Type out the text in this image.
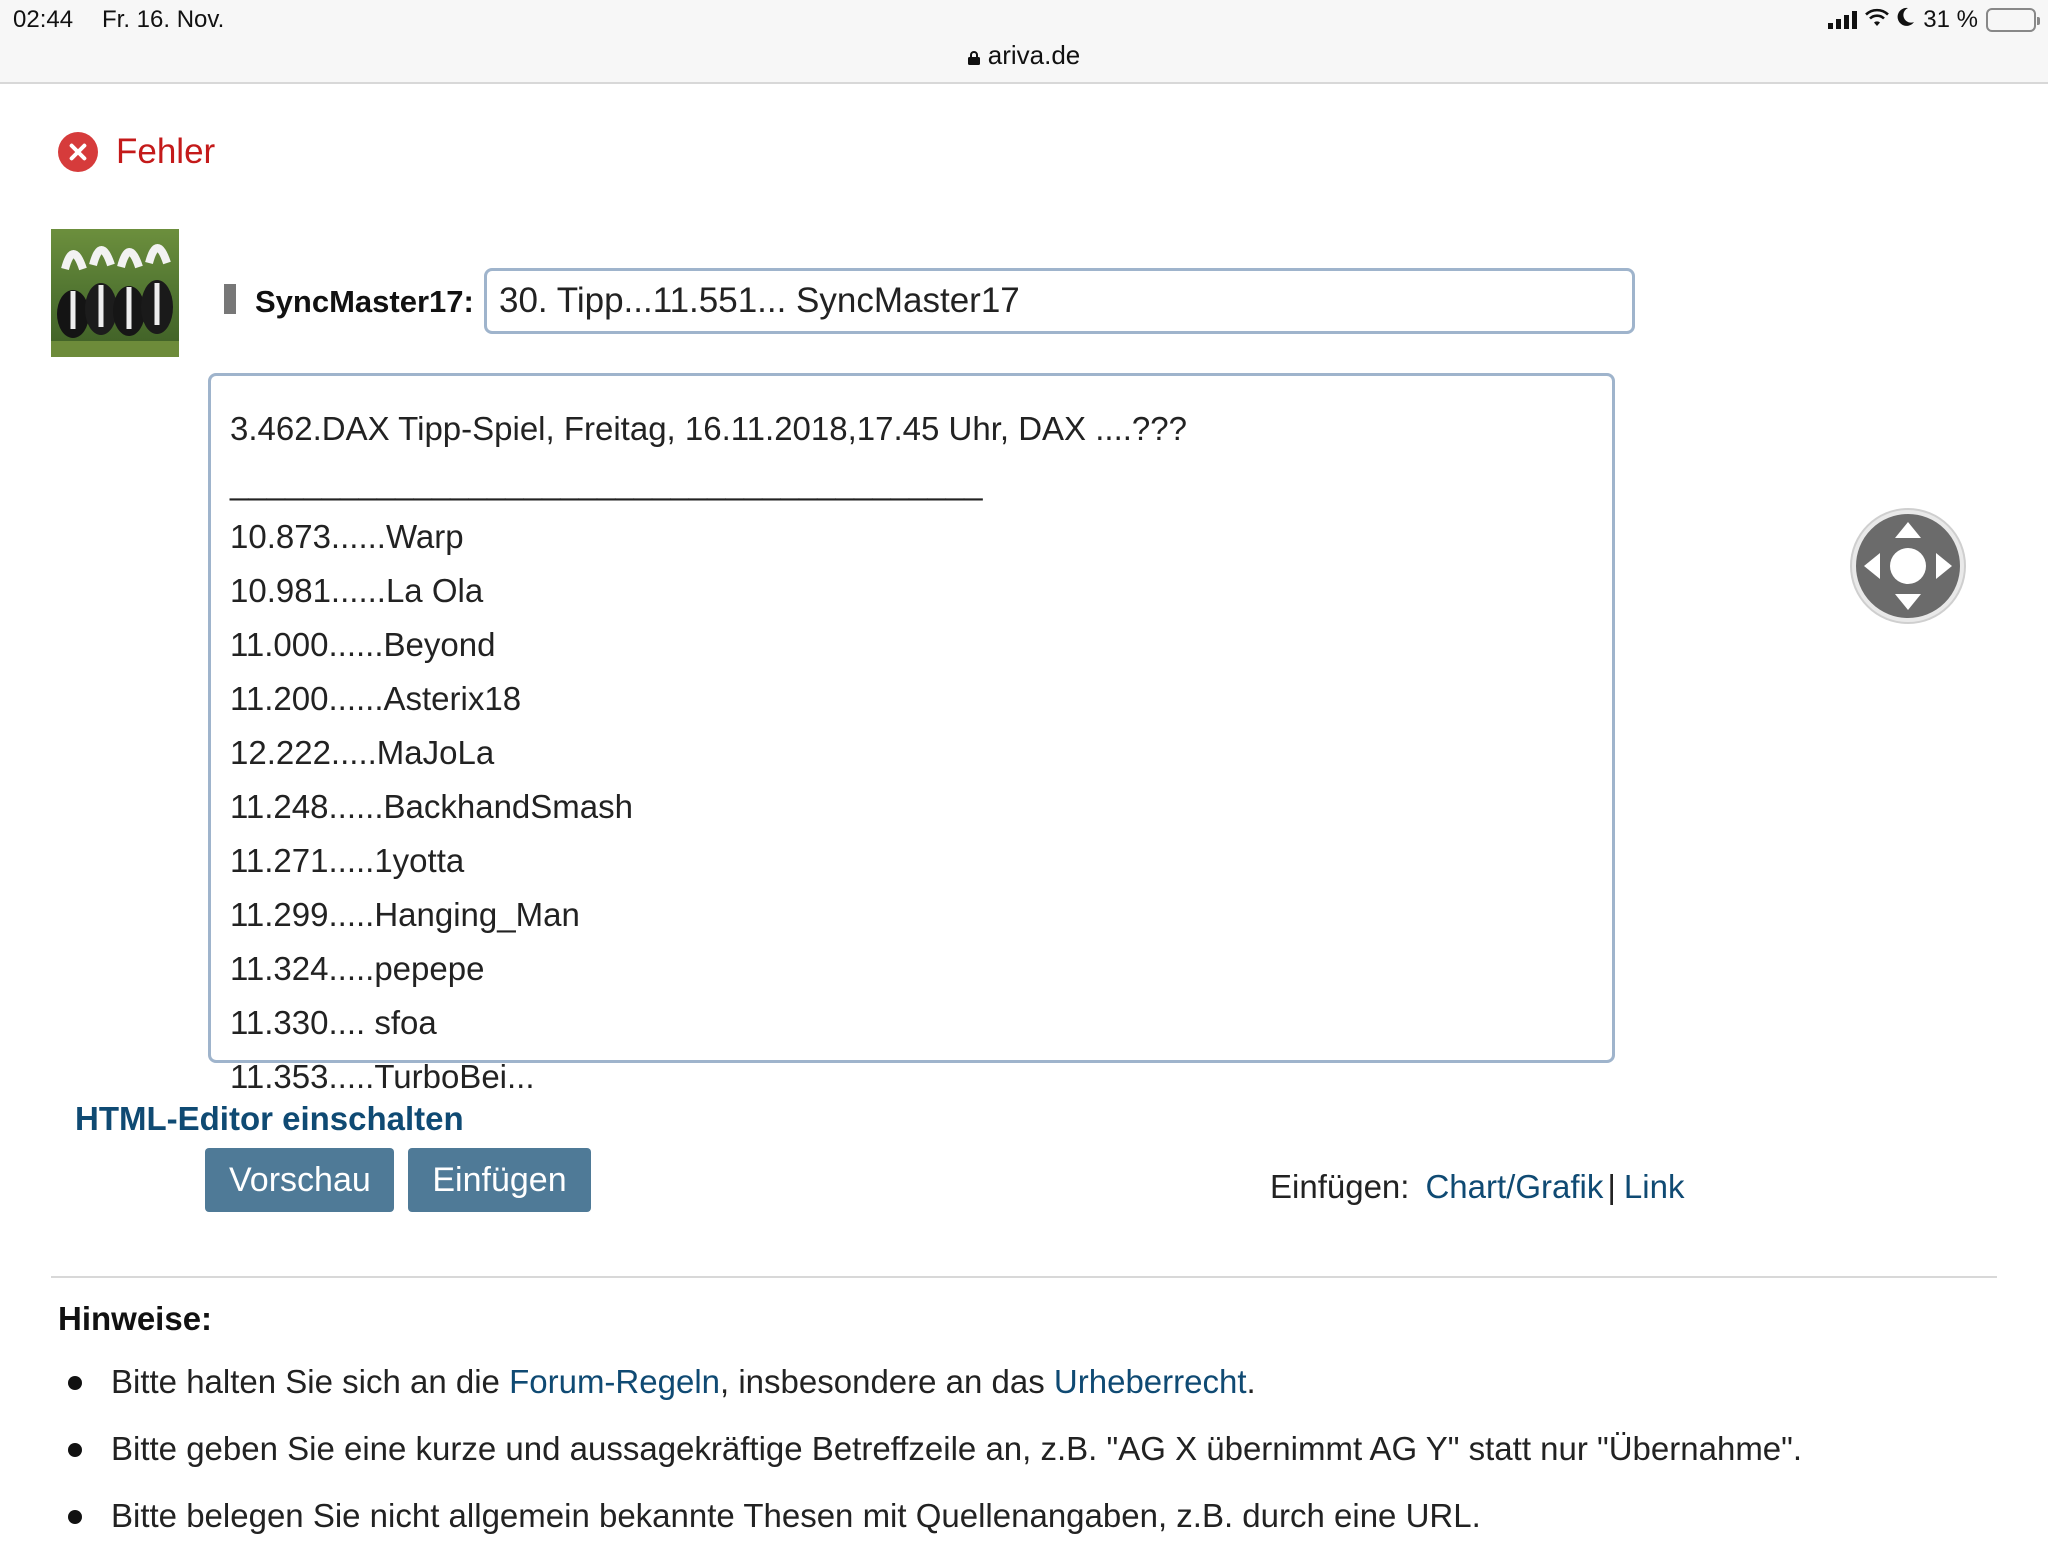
02:44 Fr. 16. Nov.
ariva.de
31 %
Fehler
SyncMaster17:
30. Tipp...11.551... SyncMaster17
3.462.DAX Tipp-Spiel, Freitag, 16.11.2018,17.45 Uhr, DAX ....???
_________________________________________
10.873......Warp
10.981......La Ola
11.000......Beyond
11.200......Asterix18
12.222.....MaJoLa
11.248......BackhandSmash
11.271.....1yotta
11.299.....Hanging_Man
11.324.....pepepe
11.330.... sfoa
11.353.....TurboBei...
HTML-Editor einschalten
Vorschau	Einfügen	Einfügen: Chart/Grafik | Link
Hinweise:
Bitte halten Sie sich an die Forum-Regeln, insbesondere an das Urheberrecht.
Bitte geben Sie eine kurze und aussagekräftige Betreffzeile an, z.B. "AG X übernimmt AG Y" statt nur "Übernahme".
Bitte belegen Sie nicht allgemein bekannte Thesen mit Quellenangaben, z.B. durch eine URL.
